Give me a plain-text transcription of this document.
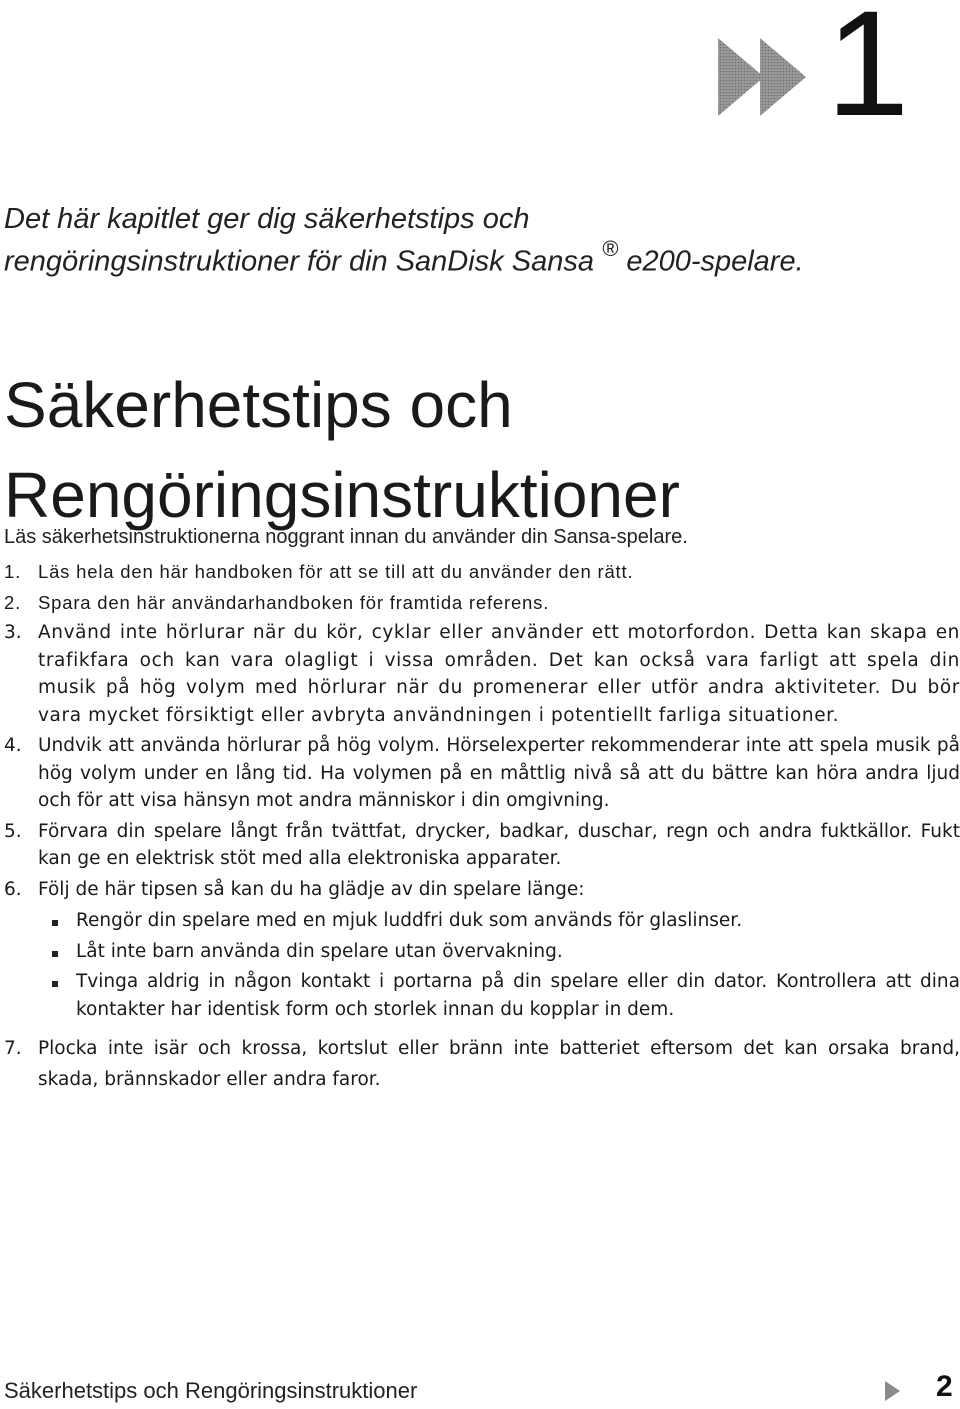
1
Det här kapitlet ger dig säkerhetstips och rengöringsinstruktioner för din SanDisk Sansa ® e200-spelare.
Säkerhetstips och Rengöringsinstruktioner
Läs säkerhetsinstruktionerna noggrant innan du använder din Sansa-spelare.
1. Läs hela den här handboken för att se till att du använder den rätt.
2. Spara den här användarhandboken för framtida referens.
3. Använd inte hörlurar när du kör, cyklar eller använder ett motorfordon. Detta kan skapa en trafikfara och kan vara olagligt i vissa områden. Det kan också vara farligt att spela din musik på hög volym med hörlurar när du promenerar eller utför andra aktiviteter. Du bör vara mycket försiktigt eller avbryta användningen i potentiellt farliga situationer.
4. Undvik att använda hörlurar på hög volym. Hörselexperter rekommenderar inte att spela musik på hög volym under en lång tid. Ha volymen på en måttlig nivå så att du bättre kan höra andra ljud och för att visa hänsyn mot andra människor i din omgivning.
5. Förvara din spelare långt från tvättfat, drycker, badkar, duschar, regn och andra fuktkällor. Fukt kan ge en elektrisk stöt med alla elektroniska apparater.
6. Följ de här tipsen så kan du ha glädje av din spelare länge:
Rengör din spelare med en mjuk luddfri duk som används för glaslinser.
Låt inte barn använda din spelare utan övervakning.
Tvinga aldrig in någon kontakt i portarna på din spelare eller din dator. Kontrollera att dina kontakter har identisk form och storlek innan du kopplar in dem.
7. Plocka inte isär och krossa, kortslut eller bränn inte batteriet eftersom det kan orsaka brand, skada, brännskador eller andra faror.
Säkerhetstips och Rengöringsinstruktioner	2
